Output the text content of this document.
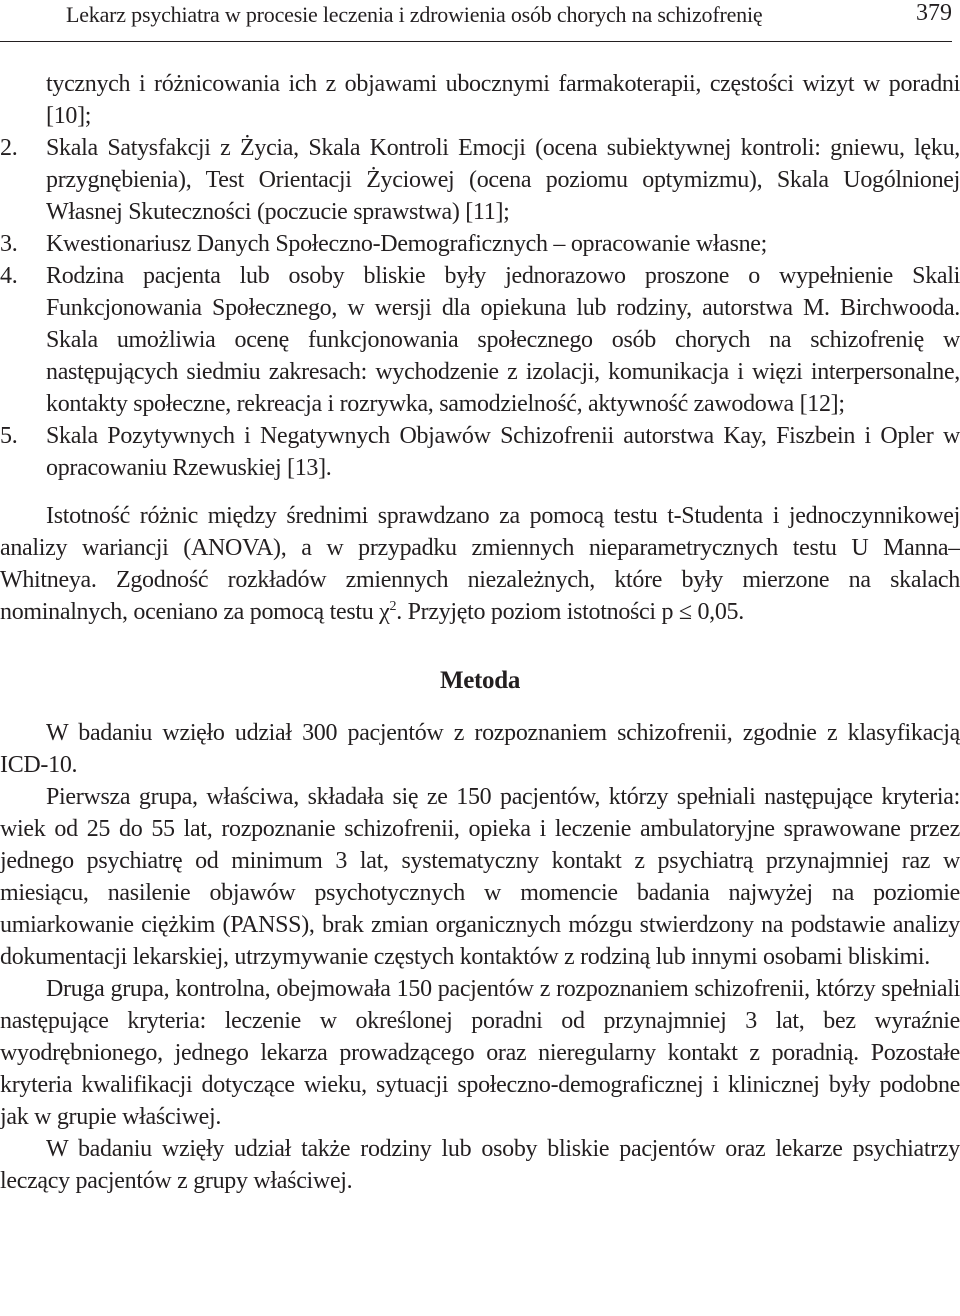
Lekarz psychiatra w procesie leczenia i zdrowienia osób chorych na schizofrenię	379

tycznych i różnicowania ich z objawami ubocznymi farmakoterapii, częstości wizyt w poradni [10];

2.	Skala Satysfakcji z Życia, Skala Kontroli Emocji (ocena subiektywnej kontroli: gniewu, lęku, przygnębienia), Test Orientacji Życiowej (ocena poziomu optymizmu), Skala Uogólnionej Własnej Skuteczności (poczucie sprawstwa) [11];

3.	Kwestionariusz Danych Społeczno-Demograficznych – opracowanie własne;

4.	Rodzina pacjenta lub osoby bliskie były jednorazowo proszone o wypełnienie Skali Funkcjonowania Społecznego, w wersji dla opiekuna lub rodziny, autorstwa M. Birchwooda. Skala umożliwia ocenę funkcjonowania społecznego osób chorych na schizofrenię w następujących siedmiu zakresach: wychodzenie z izolacji, komunikacja i więzi interpersonalne, kontakty społeczne, rekreacja i rozrywka, samodzielność, aktywność zawodowa [12];

5.	Skala Pozytywnych i Negatywnych Objawów Schizofrenii autorstwa Kay, Fiszbein i Opler w opracowaniu Rzewuskiej [13].

Istotność różnic między średnimi sprawdzano za pomocą testu t-Studenta i jednoczynnikowej analizy wariancji (ANOVA), a w przypadku zmiennych nieparametrycznych testu U Manna–Whitneya. Zgodność rozkładów zmiennych niezależnych, które były mierzone na skalach nominalnych, oceniano za pomocą testu $\chi^2$. Przyjęto poziom istotności p ≤ 0,05.

Metoda

W badaniu wzięło udział 300 pacjentów z rozpoznaniem schizofrenii, zgodnie z klasyfikacją ICD-10.

Pierwsza grupa, właściwa, składała się ze 150 pacjentów, którzy spełniali następujące kryteria: wiek od 25 do 55 lat, rozpoznanie schizofrenii, opieka i leczenie ambulatoryjne sprawowane przez jednego psychiatrę od minimum 3 lat, systematyczny kontakt z psychiatrą przynajmniej raz w miesiącu, nasilenie objawów psychotycznych w momencie badania najwyżej na poziomie umiarkowanie ciężkim (PANSS), brak zmian organicznych mózgu stwierdzony na podstawie analizy dokumentacji lekarskiej, utrzymywanie częstych kontaktów z rodziną lub innymi osobami bliskimi.

Druga grupa, kontrolna, obejmowała 150 pacjentów z rozpoznaniem schizofrenii, którzy spełniali następujące kryteria: leczenie w określonej poradni od przynajmniej 3 lat, bez wyraźnie wyodrębnionego, jednego lekarza prowadzącego oraz nieregularny kontakt z poradnią. Pozostałe kryteria kwalifikacji dotyczące wieku, sytuacji społeczno-demograficznej i klinicznej były podobne jak w grupie właściwej.

W badaniu wzięły udział także rodziny lub osoby bliskie pacjentów oraz lekarze psychiatrzy leczący pacjentów z grupy właściwej.
